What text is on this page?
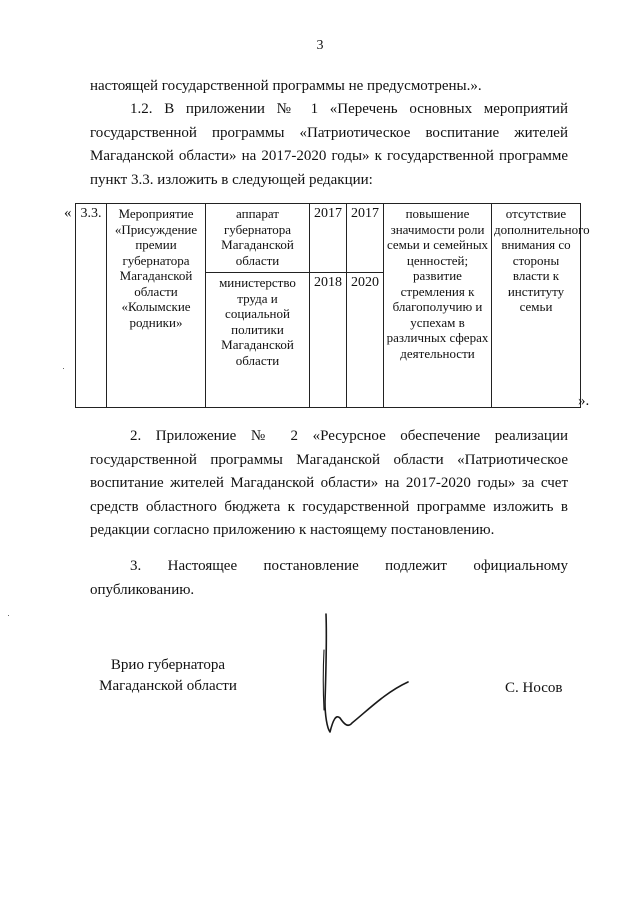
3
настоящей государственной программы не предусмотрены.».
1.2. В приложении № 1 «Перечень основных мероприятий государственной программы «Патриотическое воспитание жителей Магаданской области» на 2017-2020 годы» к государственной программе пункт 3.3. изложить в следующей редакции:
« 3.3.	Мероприятие «Присуждение премии губернатора Магаданской области «Колымские родники»	аппарат губернатора Магаданской области	2017	2017	повышение значимости роли семьи и семейных ценностей; развитие стремления к благополучию и успехам в различных сферах деятельности	отсутствие дополнительного внимания со стороны власти к институту семьи
		министерство труда и социальной политики Магаданской области	2018	2020		
».
2. Приложение № 2 «Ресурсное обеспечение реализации государственной программы Магаданской области «Патриотическое воспитание жителей Магаданской области» на 2017-2020 годы» за счет средств областного бюджета к государственной программе изложить в редакции согласно приложению к настоящему постановлению.
3. Настоящее постановление подлежит официальному опубликованию.
Врио губернатора Магаданской области	С. Носов
